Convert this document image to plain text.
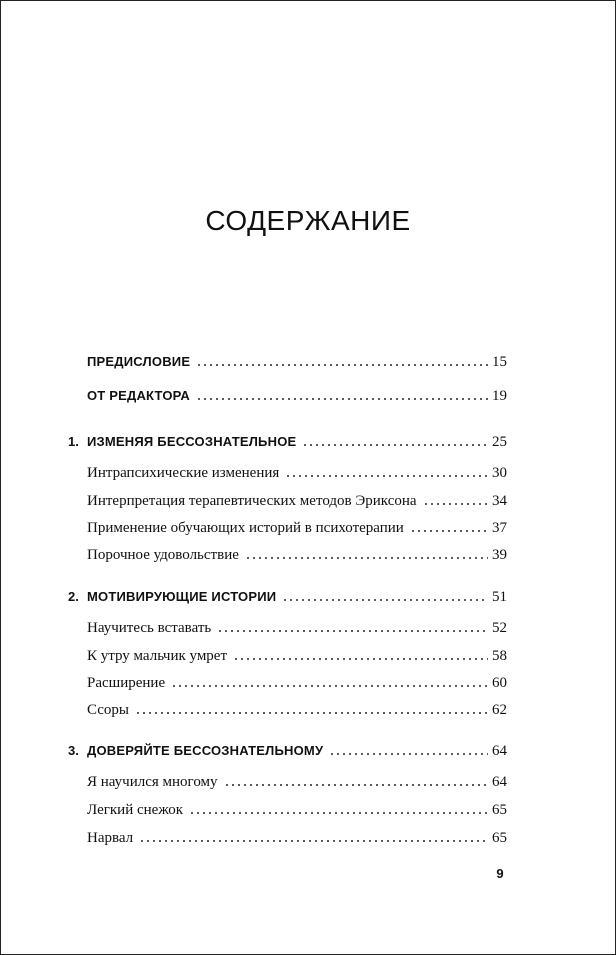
СОДЕРЖАНИЕ
ПРЕДИСЛОВИЕ	15
ОТ РЕДАКТОРА	19
1. ИЗМЕНЯЯ БЕССОЗНАТЕЛЬНОЕ	25
Интрапсихические изменения	30
Интерпретация терапевтических методов Эриксона	34
Применение обучающих историй в психотерапии	37
Порочное удовольствие	39
2. МОТИВИРУЮЩИЕ ИСТОРИИ	51
Научитесь вставать	52
К утру мальчик умрет	58
Расширение	60
Ссоры	62
3. ДОВЕРЯЙТЕ БЕССОЗНАТЕЛЬНОМУ	64
Я научился многому	64
Легкий снежок	65
Нарвал	65
9
